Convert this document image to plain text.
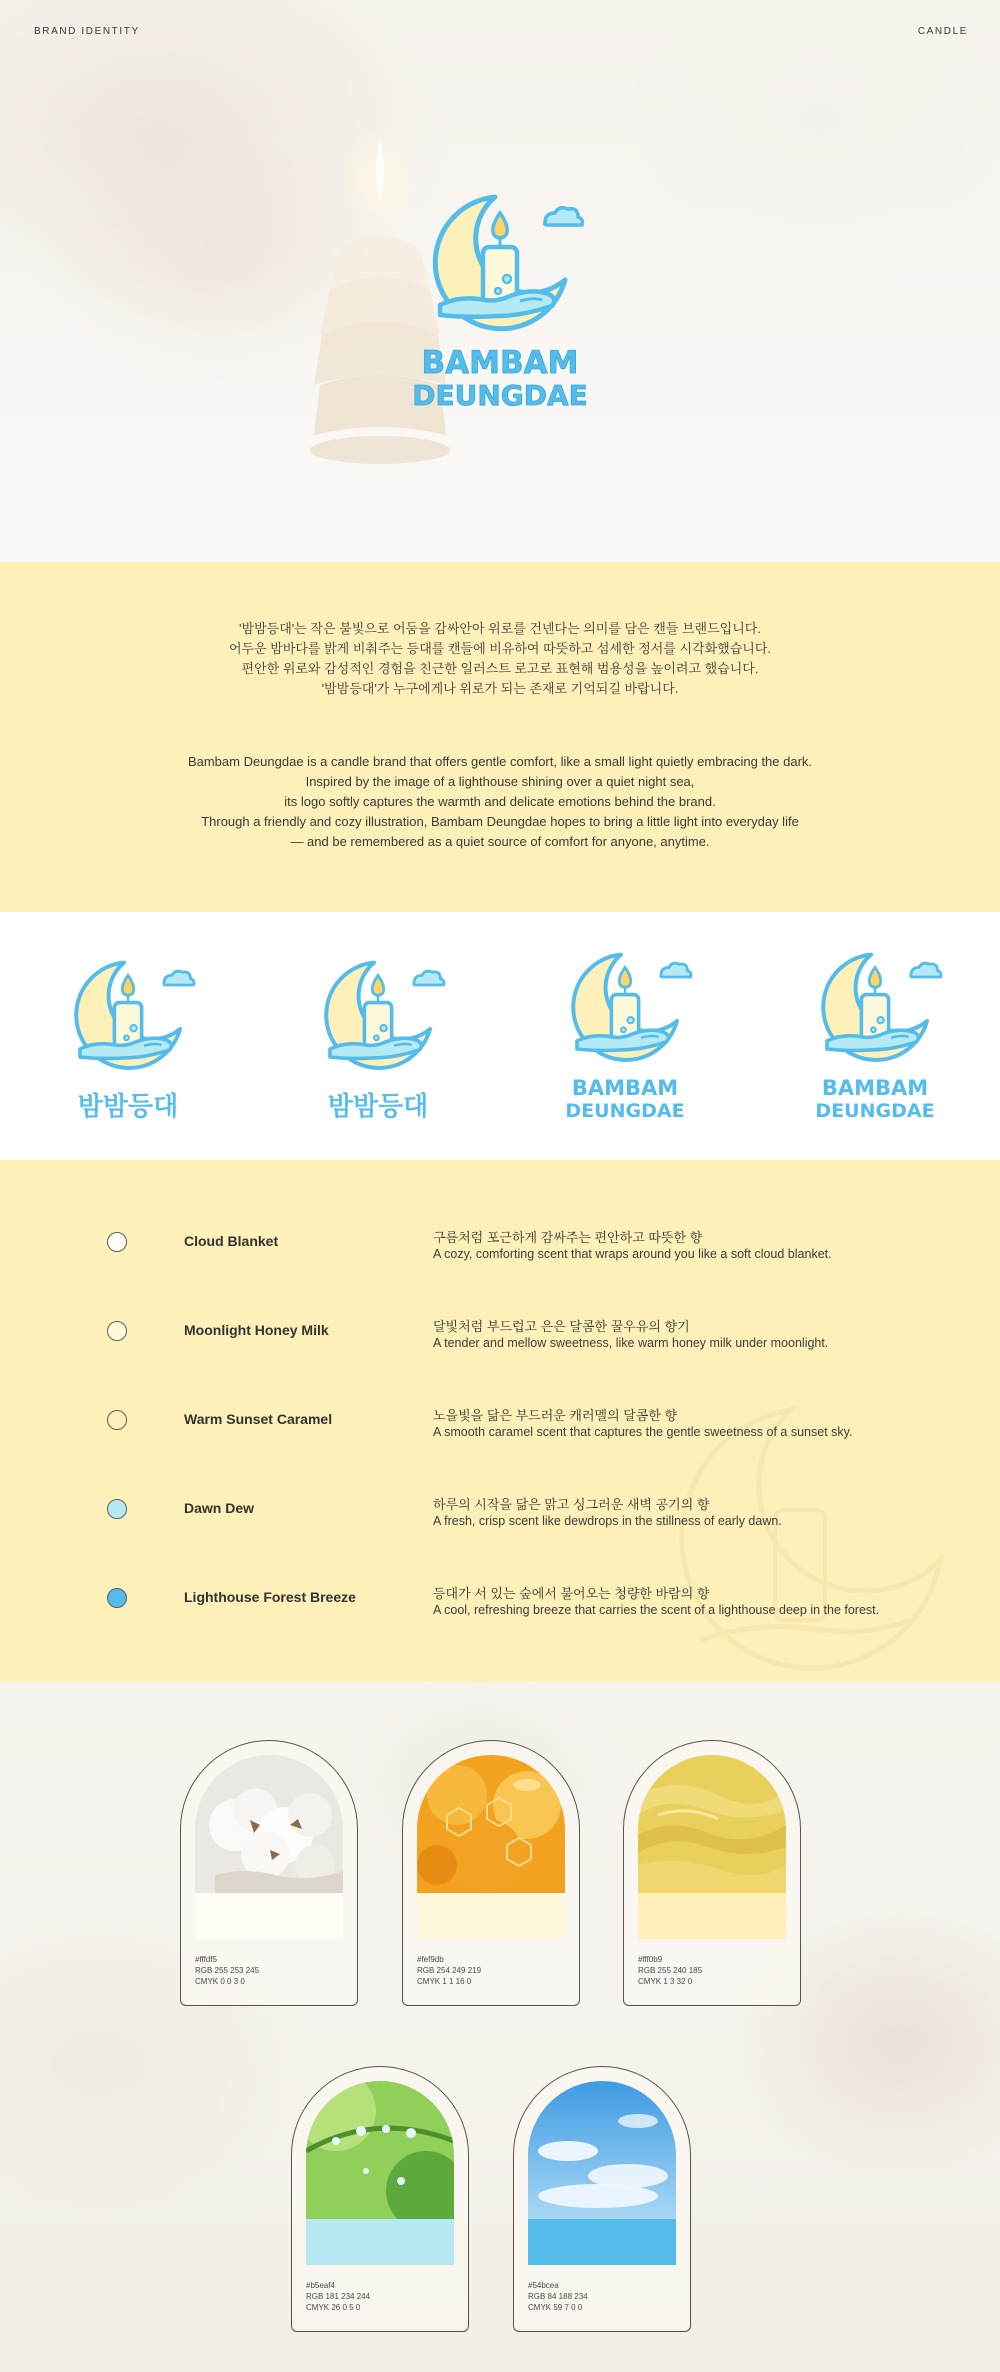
BRAND IDENTITY	CANDLE
BAMBAM
DEUNGDAE

'밤밤등대'는 작은 불빛으로 어둠을 감싸안아 위로를 건넨다는 의미를 담은 캔들 브랜드입니다.

어두운 밤바다를 밝게 비춰주는 등대를 캔들에 비유하여 따뜻하고 섬세한 정서를 시각화했습니다.

편안한 위로와 감성적인 경험을 친근한 일러스트 로고로 표현해 범용성을 높이려고 했습니다.

'밤밤등대'가 누구에게나 위로가 되는 존재로 기억되길 바랍니다.

Bambam Deungdae is a candle brand that offers gentle comfort, like a small light quietly embracing the dark.

Inspired by the image of a lighthouse shining over a quiet night sea,

its logo softly captures the warmth and delicate emotions behind the brand.

Through a friendly and cozy illustration, Bambam Deungdae hopes to bring a little light into everyday life

— and be remembered as a quiet source of comfort for anyone, anytime.

밤밤등대	밤밤등대
BAMBAM
DEUNGDAE
BAMBAM
DEUNGDAE
Cloud Blanket	구름처럼 포근하게 감싸주는 편안하고 따뜻한 향
A cozy, comforting scent that wraps around you like a soft cloud blanket.
Moonlight Honey Milk	달빛처럼 부드럽고 은은 달콤한 꿀우유의 향기
A tender and mellow sweetness, like warm honey milk under moonlight.
Warm Sunset Caramel	노을빛을 닮은 부드러운 캐러멜의 달콤한 향
A smooth caramel scent that captures the gentle sweetness of a sunset sky.
Dawn Dew	하루의 시작을 닮은 맑고 싱그러운 새벽 공기의 향
A fresh, crisp scent like dewdrops in the stillness of early dawn.
Lighthouse Forest Breeze	등대가 서 있는 숲에서 불어오는 청량한 바람의 향
A cool, refreshing breeze that carries the scent of a lighthouse deep in the forest.
#fffdf5
RGB 255 253 245
CMYK 0 0 3 0
#fef9db
RGB 254 249 219
CMYK 1 1 16 0
#fff0b9
RGB 255 240 185
CMYK 1 3 32 0
#b5eaf4
RGB 181 234 244
CMYK 26 0 5 0
#54bcea
RGB 84 188 234
CMYK 59 7 0 0
